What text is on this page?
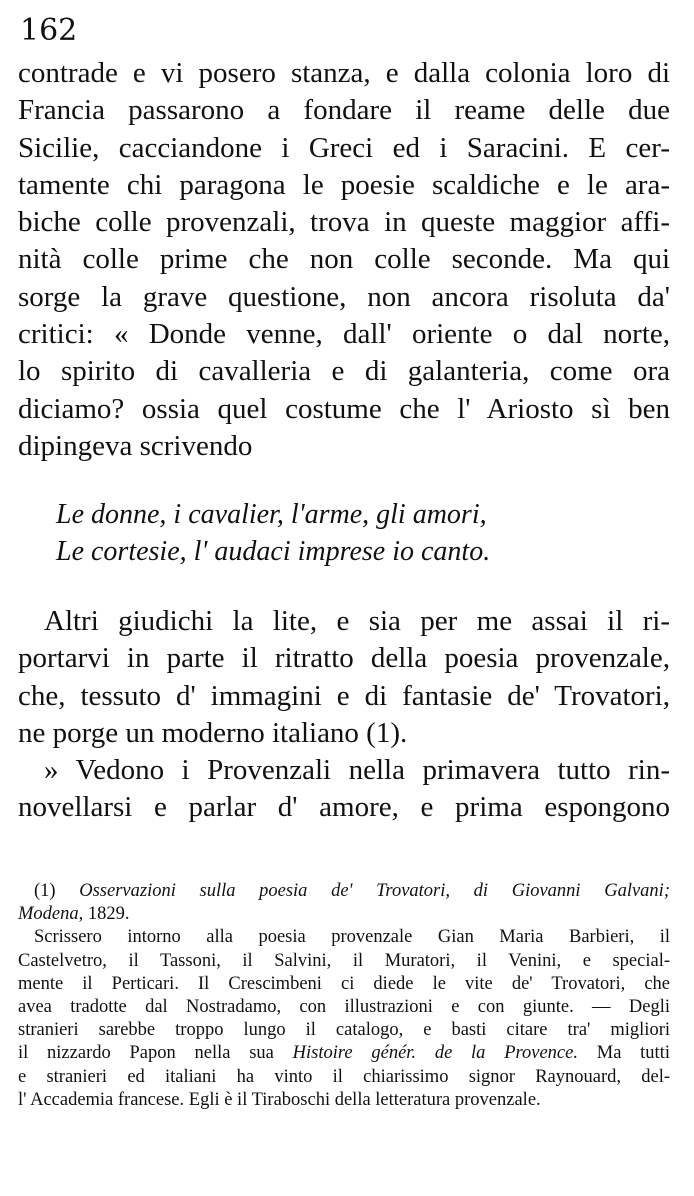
162
contrade e vi posero stanza, e dalla colonia loro di
Francia passarono a fondare il reame delle due
Sicilie, cacciandone i Greci ed i Saracini. E cer-
tamente chi paragona le poesie scaldiche e le ara-
biche colle provenzali, trova in queste maggior affi-
nità colle prime che non colle seconde. Ma qui
sorge la grave questione, non ancora risoluta da'
critici: « Donde venne, dall' oriente o dal norte,
lo spirito di cavalleria e di galanteria, come ora
diciamo? ossia quel costume che l' Ariosto sì ben
dipingeva scrivendo
Le donne, i cavalier, l'arme, gli amori,
Le cortesie, l' audaci imprese io canto.
Altri giudichi la lite, e sia per me assai il ri-
portarvi in parte il ritratto della poesia provenzale,
che, tessuto d' immagini e di fantasie de' Trovatori,
ne porge un moderno italiano (1).
» Vedono i Provenzali nella primavera tutto rin-
novellarsi e parlar d' amore, e prima espongono
(1) Osservazioni sulla poesia de' Trovatori, di Giovanni Galvani;
Modena, 1829.
Scrissero intorno alla poesia provenzale Gian Maria Barbieri, il
Castelvetro, il Tassoni, il Salvini, il Muratori, il Venini, e special-
mente il Perticari. Il Crescimbeni ci diede le vite de' Trovatori, che
avea tradotte dal Nostradamo, con illustrazioni e con giunte. — Degli
stranieri sarebbe troppo lungo il catalogo, e basti citare tra' migliori
il nizzardo Papon nella sua Histoire génér. de la Provence. Ma tutti
e stranieri ed italiani ha vinto il chiarissimo signor Raynouard, del-
l' Accademia francese. Egli è il Tiraboschi della letteratura provenzale.
